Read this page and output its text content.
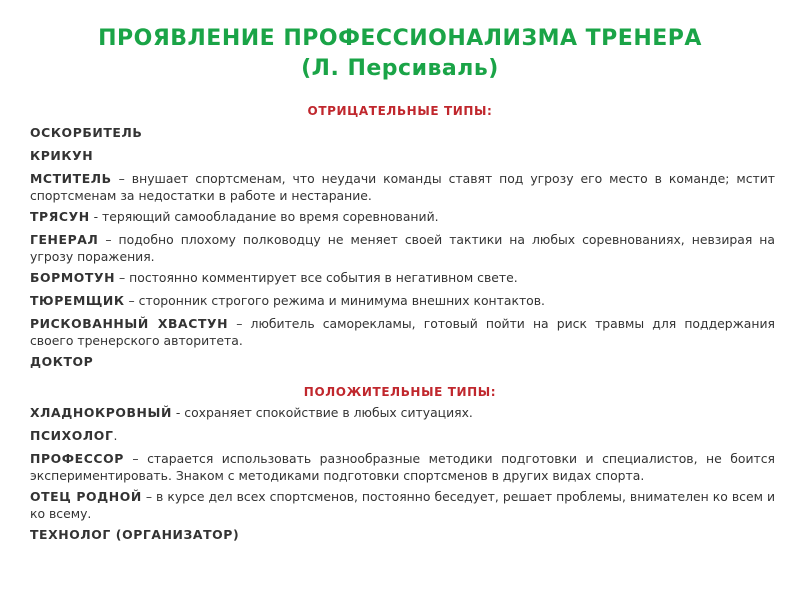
ПРОЯВЛЕНИЕ ПРОФЕССИОНАЛИЗМА ТРЕНЕРА
(Л. Персиваль)
ОТРИЦАТЕЛЬНЫЕ ТИПЫ:
ОСКОРБИТЕЛЬ
КРИКУН
МСТИТЕЛЬ – внушает спортсменам, что неудачи команды ставят под угрозу его место в команде; мстит спортсменам за недостатки в работе и нестарание.
ТРЯСУН - теряющий самообладание во время соревнований.
ГЕНЕРАЛ – подобно плохому полководцу не меняет своей тактики на любых соревнованиях, невзирая на угрозу поражения.
БОРМОТУН – постоянно комментирует все события в негативном свете.
ТЮРЕМЩИК – сторонник строгого режима и минимума внешних контактов.
РИСКОВАННЫЙ ХВАСТУН – любитель саморекламы, готовый пойти на риск травмы для поддержания своего тренерского авторитета.
ДОКТОР
ПОЛОЖИТЕЛЬНЫЕ ТИПЫ:
ХЛАДНОКРОВНЫЙ - сохраняет спокойствие в любых ситуациях.
ПСИХОЛОГ.
ПРОФЕССОР – старается использовать разнообразные методики подготовки и специалистов, не боится экспериментировать. Знаком с методиками подготовки спортсменов в других видах спорта.
ОТЕЦ РОДНОЙ – в курсе дел всех спортсменов, постоянно беседует, решает проблемы, внимателен ко всем и ко всему.
ТЕХНОЛОГ (ОРГАНИЗАТОР)
